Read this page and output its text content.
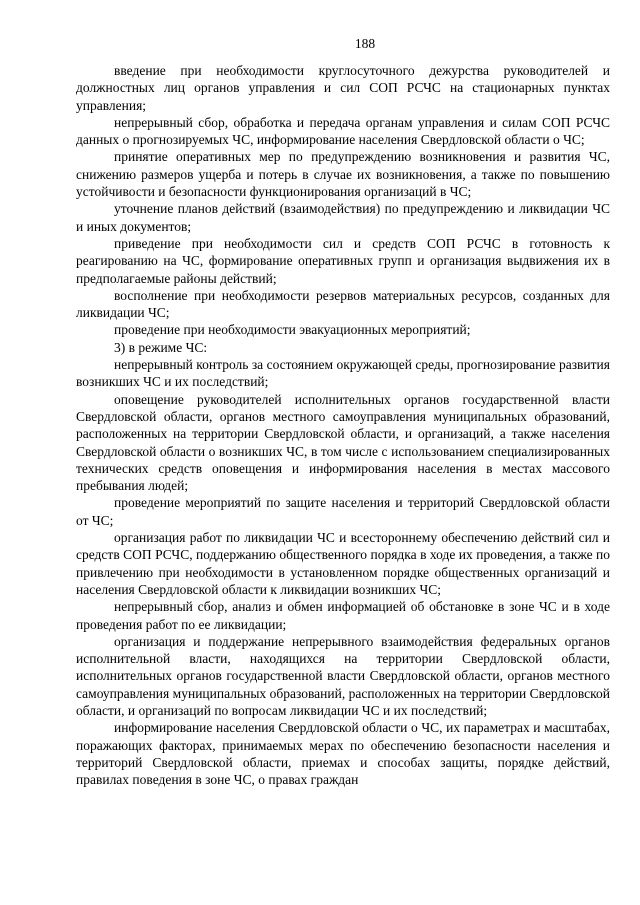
188

введение при необходимости круглосуточного дежурства руководителей и должностных лиц органов управления и сил СОП РСЧС на стационарных пунктах управления;

непрерывный сбор, обработка и передача органам управления и силам СОП РСЧС данных о прогнозируемых ЧС, информирование населения Свердловской области о ЧС;

принятие оперативных мер по предупреждению возникновения и развития ЧС, снижению размеров ущерба и потерь в случае их возникновения, а также по повышению устойчивости и безопасности функционирования организаций в ЧС;

уточнение планов действий (взаимодействия) по предупреждению и ликвидации ЧС и иных документов;

приведение при необходимости сил и средств СОП РСЧС в готовность к реагированию на ЧС, формирование оперативных групп и организация выдвижения их в предполагаемые районы действий;

восполнение при необходимости резервов материальных ресурсов, созданных для ликвидации ЧС;

проведение при необходимости эвакуационных мероприятий;

3) в режиме ЧС:

непрерывный контроль за состоянием окружающей среды, прогнозирование развития возникших ЧС и их последствий;

оповещение руководителей исполнительных органов государственной власти Свердловской области, органов местного самоуправления муниципальных образований, расположенных на территории Свердловской области, и организаций, а также населения Свердловской области о возникших ЧС, в том числе с использованием специализированных технических средств оповещения и информирования населения в местах массового пребывания людей;

проведение мероприятий по защите населения и территорий Свердловской области от ЧС;

организация работ по ликвидации ЧС и всестороннему обеспечению действий сил и средств СОП РСЧС, поддержанию общественного порядка в ходе их проведения, а также по привлечению при необходимости в установленном порядке общественных организаций и населения Свердловской области к ликвидации возникших ЧС;

непрерывный сбор, анализ и обмен информацией об обстановке в зоне ЧС и в ходе проведения работ по ее ликвидации;

организация и поддержание непрерывного взаимодействия федеральных органов исполнительной власти, находящихся на территории Свердловской области, исполнительных органов государственной власти Свердловской области, органов местного самоуправления муниципальных образований, расположенных на территории Свердловской области, и организаций по вопросам ликвидации ЧС и их последствий;

информирование населения Свердловской области о ЧС, их параметрах и масштабах, поражающих факторах, принимаемых мерах по обеспечению безопасности населения и территорий Свердловской области, приемах и способах защиты, порядке действий, правилах поведения в зоне ЧС, о правах граждан
